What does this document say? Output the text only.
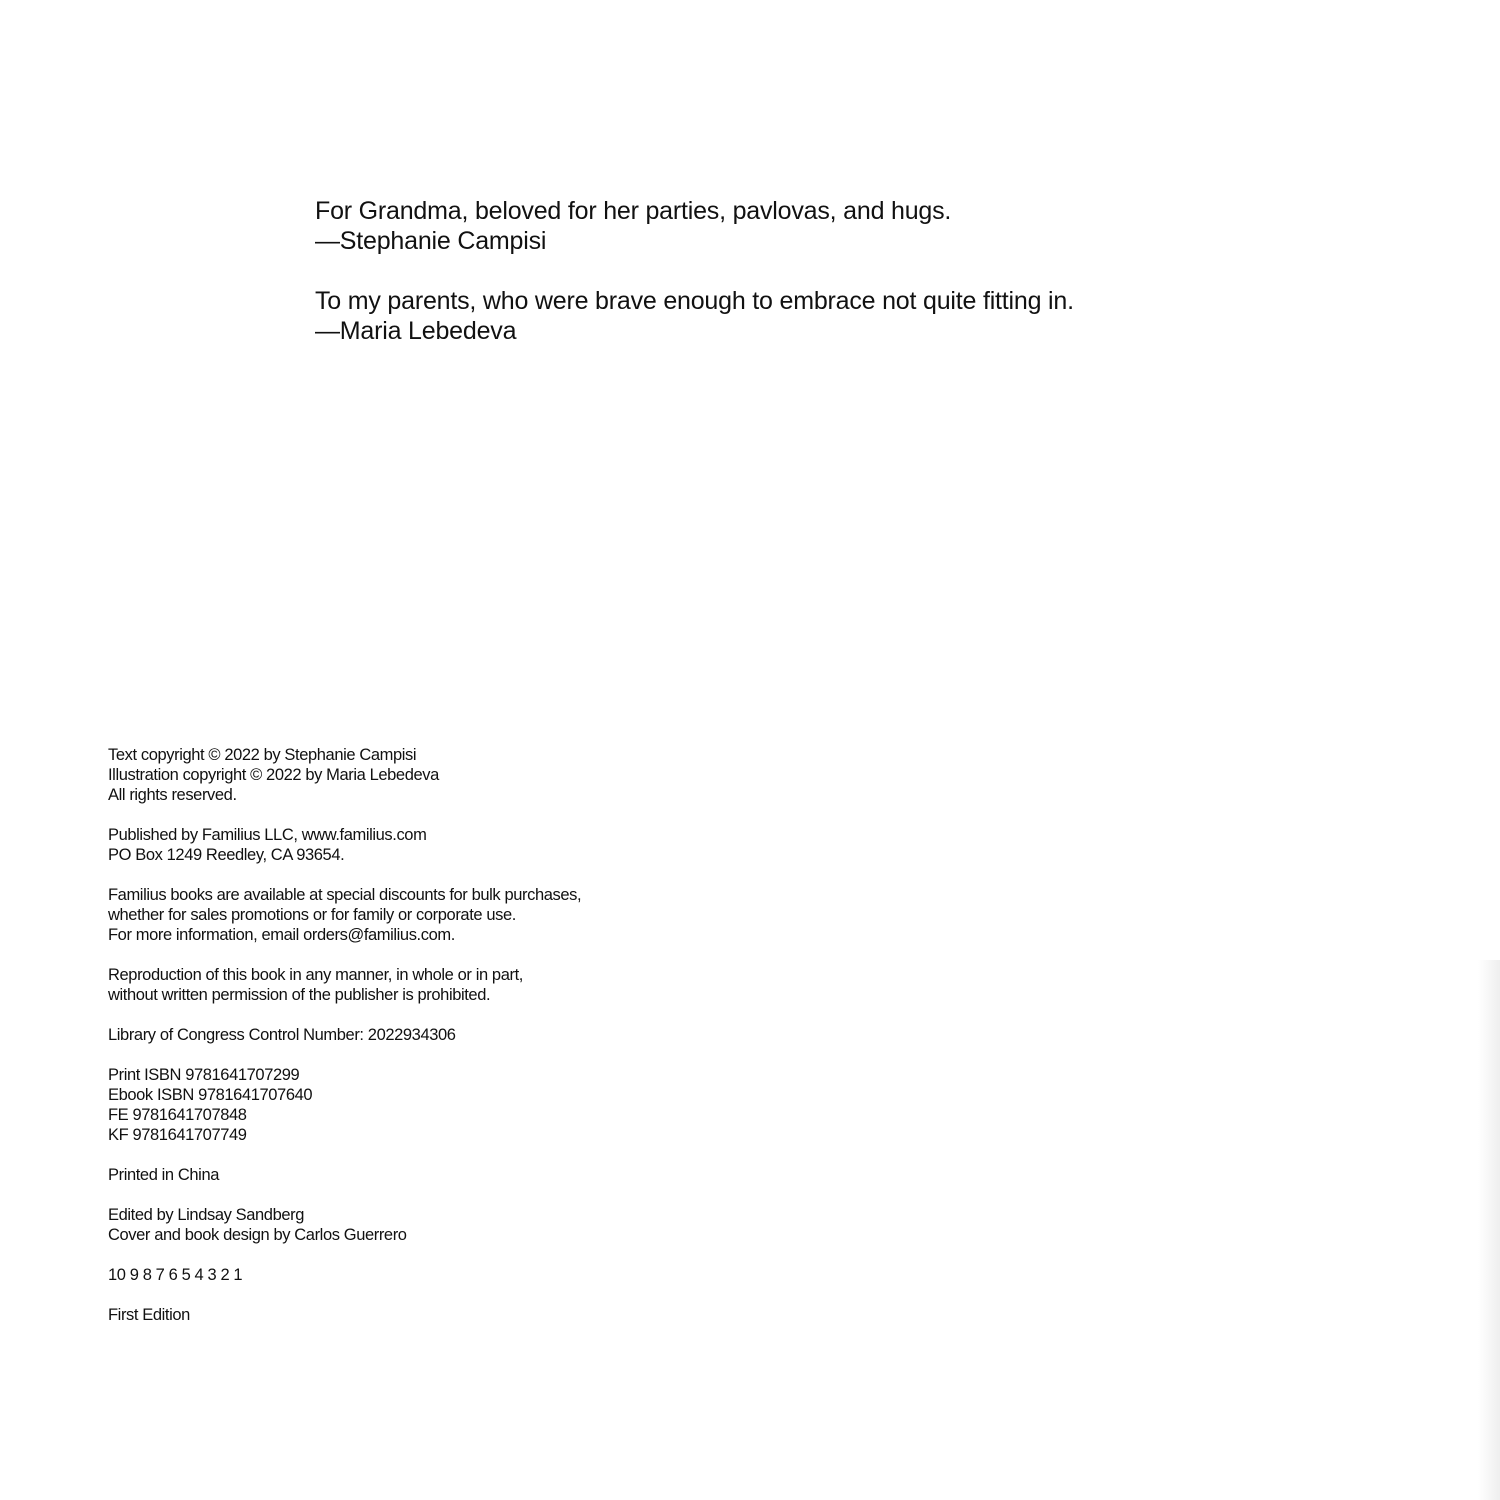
For Grandma, beloved for her parties, pavlovas, and hugs.
—Stephanie Campisi
To my parents, who were brave enough to embrace not quite fitting in.
—Maria Lebedeva
Text copyright © 2022 by Stephanie Campisi
Illustration copyright © 2022 by Maria Lebedeva
All rights reserved.
Published by Familius LLC, www.familius.com
PO Box 1249 Reedley, CA 93654.
Familius books are available at special discounts for bulk purchases,
whether for sales promotions or for family or corporate use.
For more information, email orders@familius.com.
Reproduction of this book in any manner, in whole or in part,
without written permission of the publisher is prohibited.
Library of Congress Control Number: 2022934306
Print ISBN 9781641707299
Ebook ISBN 9781641707640
FE 9781641707848
KF 9781641707749
Printed in China
Edited by Lindsay Sandberg
Cover and book design by Carlos Guerrero
10 9 8 7 6 5 4 3 2 1
First Edition
